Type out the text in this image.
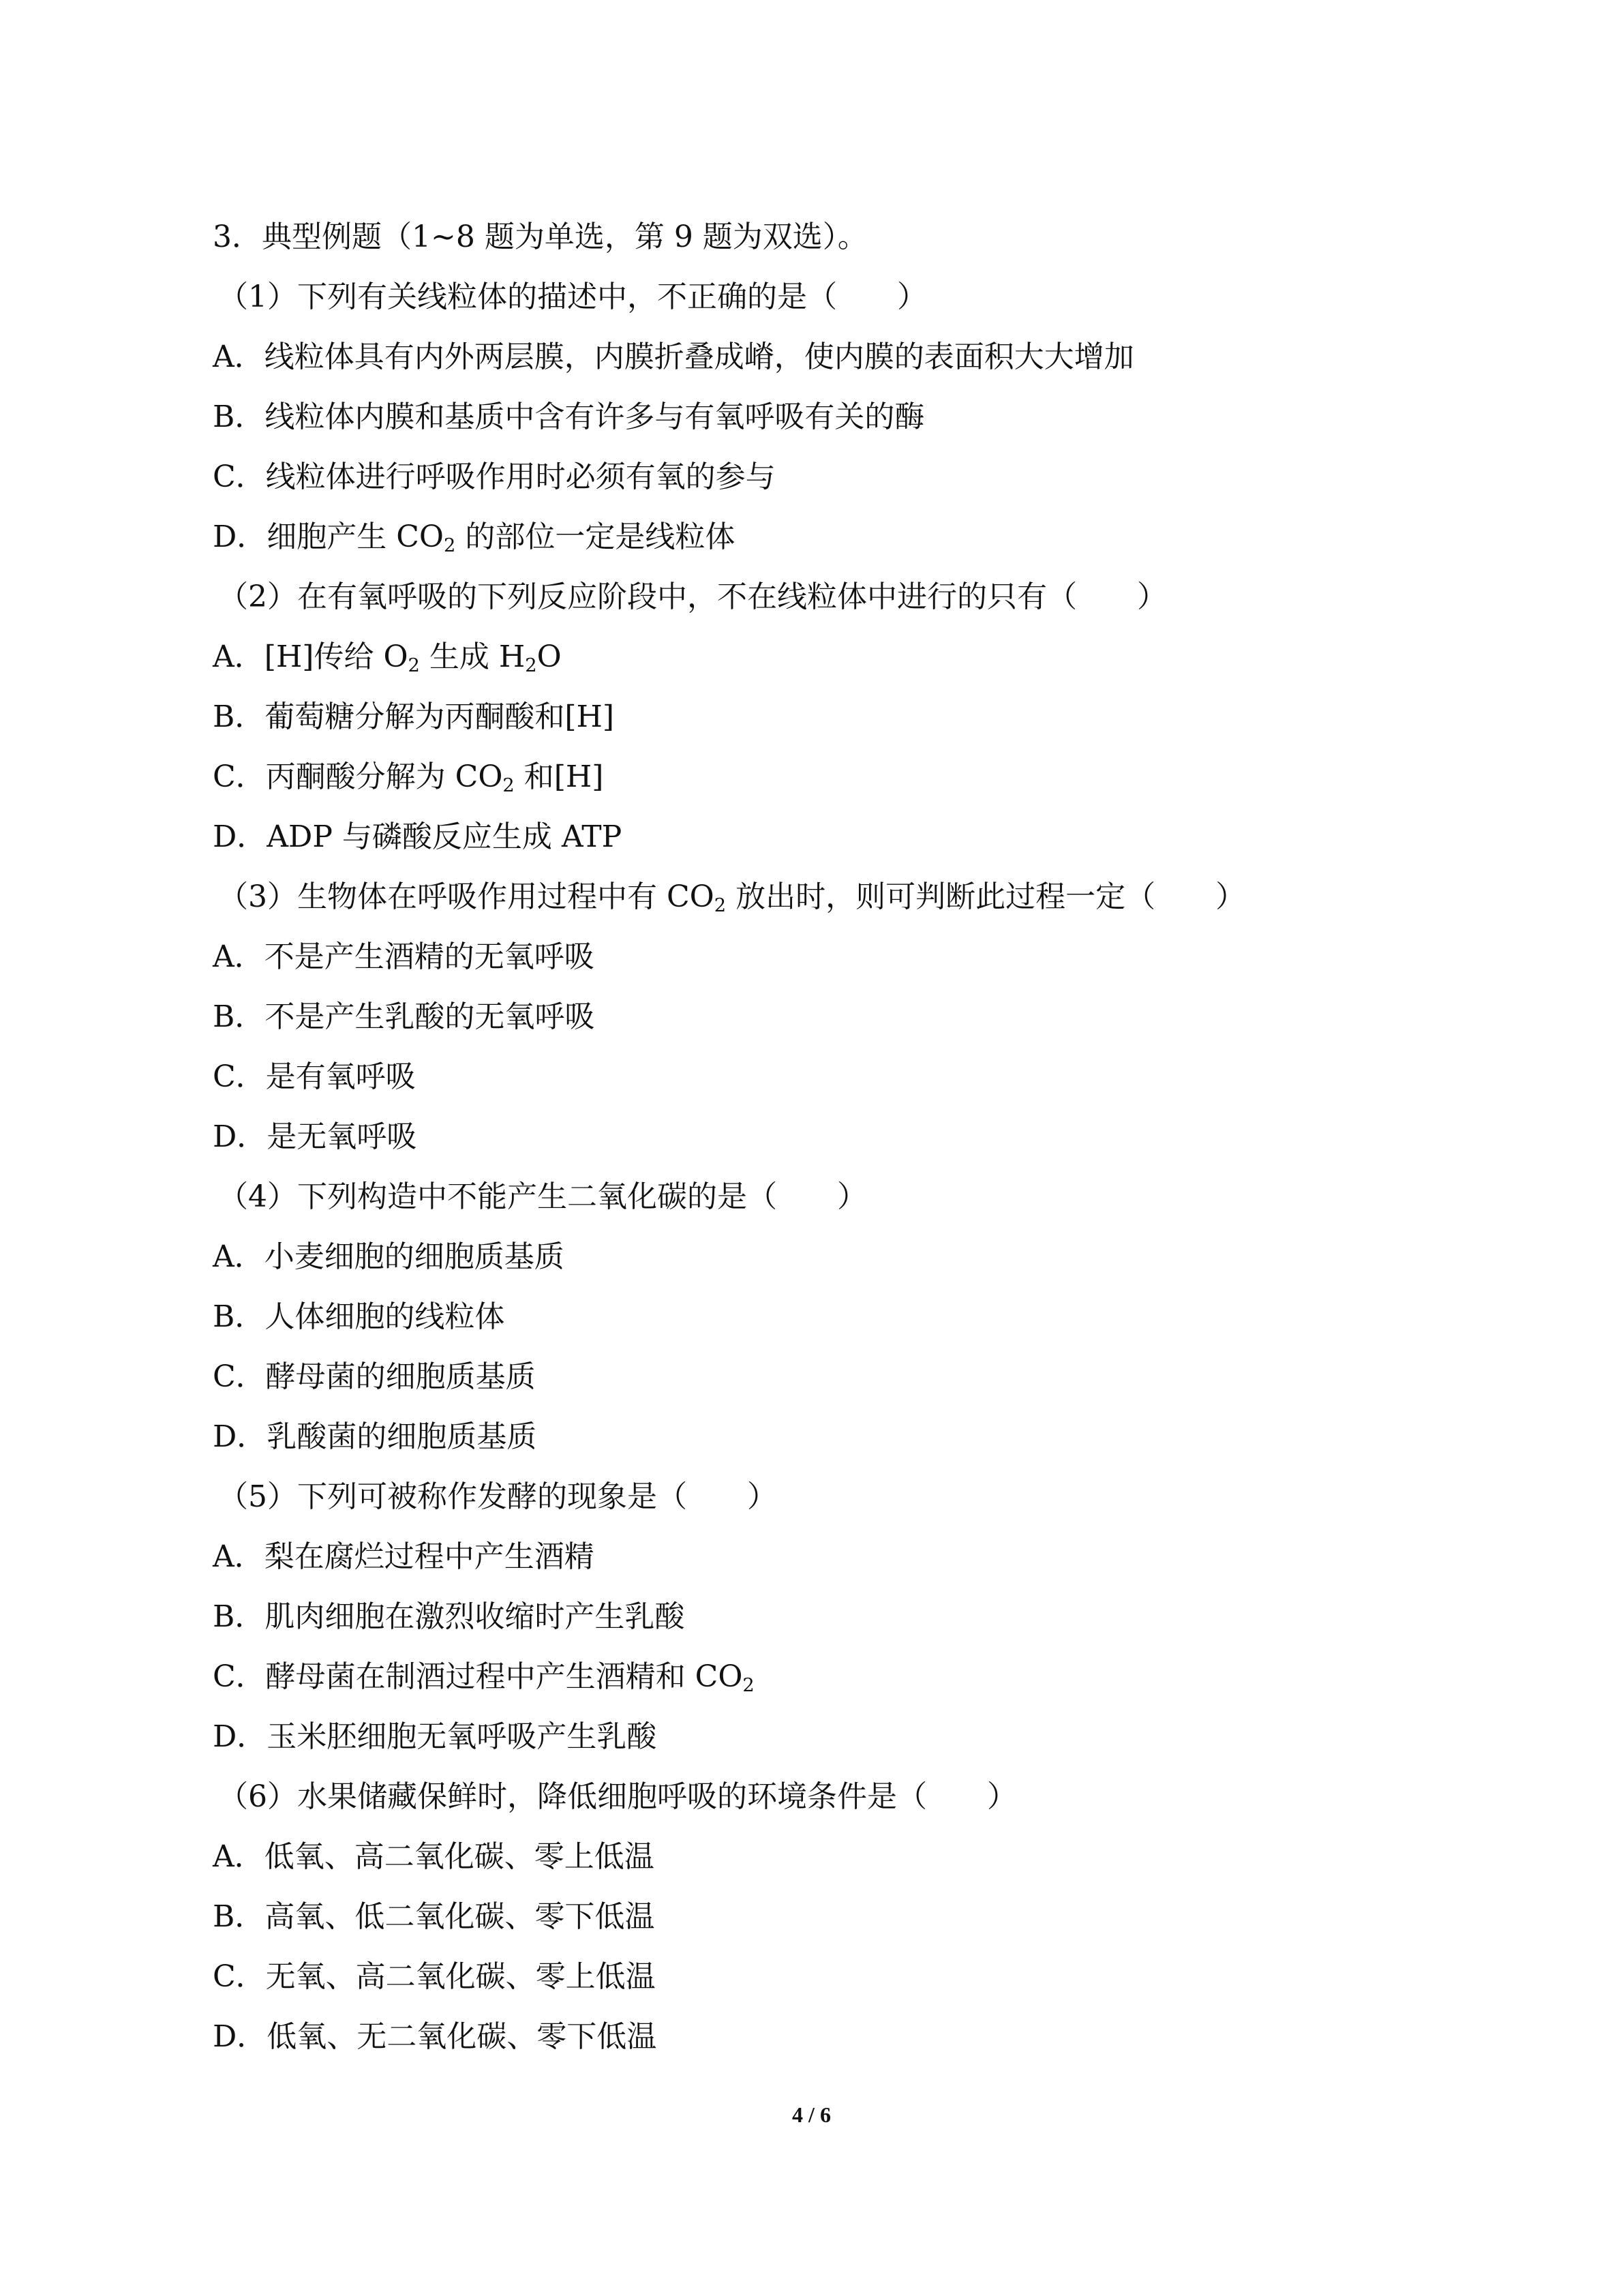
3．典型例题（1~8 题为单选，第 9 题为双选）。
（1）下列有关线粒体的描述中，不正确的是（　　）
A．线粒体具有内外两层膜，内膜折叠成嵴，使内膜的表面积大大增加
B．线粒体内膜和基质中含有许多与有氧呼吸有关的酶
C．线粒体进行呼吸作用时必须有氧的参与
D．细胞产生 $CO_2$ 的部位一定是线粒体
（2）在有氧呼吸的下列反应阶段中，不在线粒体中进行的只有（　　）
A．[H]传给 $O_2$ 生成 $H_2O$
B．葡萄糖分解为丙酮酸和[H]
C．丙酮酸分解为 $CO_2$ 和[H]
D．ADP 与磷酸反应生成 ATP
（3）生物体在呼吸作用过程中有 $CO_2$ 放出时，则可判断此过程一定（　　）
A．不是产生酒精的无氧呼吸
B．不是产生乳酸的无氧呼吸
C．是有氧呼吸
D．是无氧呼吸
（4）下列构造中不能产生二氧化碳的是（　　）
A．小麦细胞的细胞质基质
B．人体细胞的线粒体
C．酵母菌的细胞质基质
D．乳酸菌的细胞质基质
（5）下列可被称作发酵的现象是（　　）
A．梨在腐烂过程中产生酒精
B．肌肉细胞在激烈收缩时产生乳酸
C．酵母菌在制酒过程中产生酒精和 $CO_2$
D．玉米胚细胞无氧呼吸产生乳酸
（6）水果储藏保鲜时，降低细胞呼吸的环境条件是（　　）
A．低氧、高二氧化碳、零上低温
B．高氧、低二氧化碳、零下低温
C．无氧、高二氧化碳、零上低温
D．低氧、无二氧化碳、零下低温
4 / 6
